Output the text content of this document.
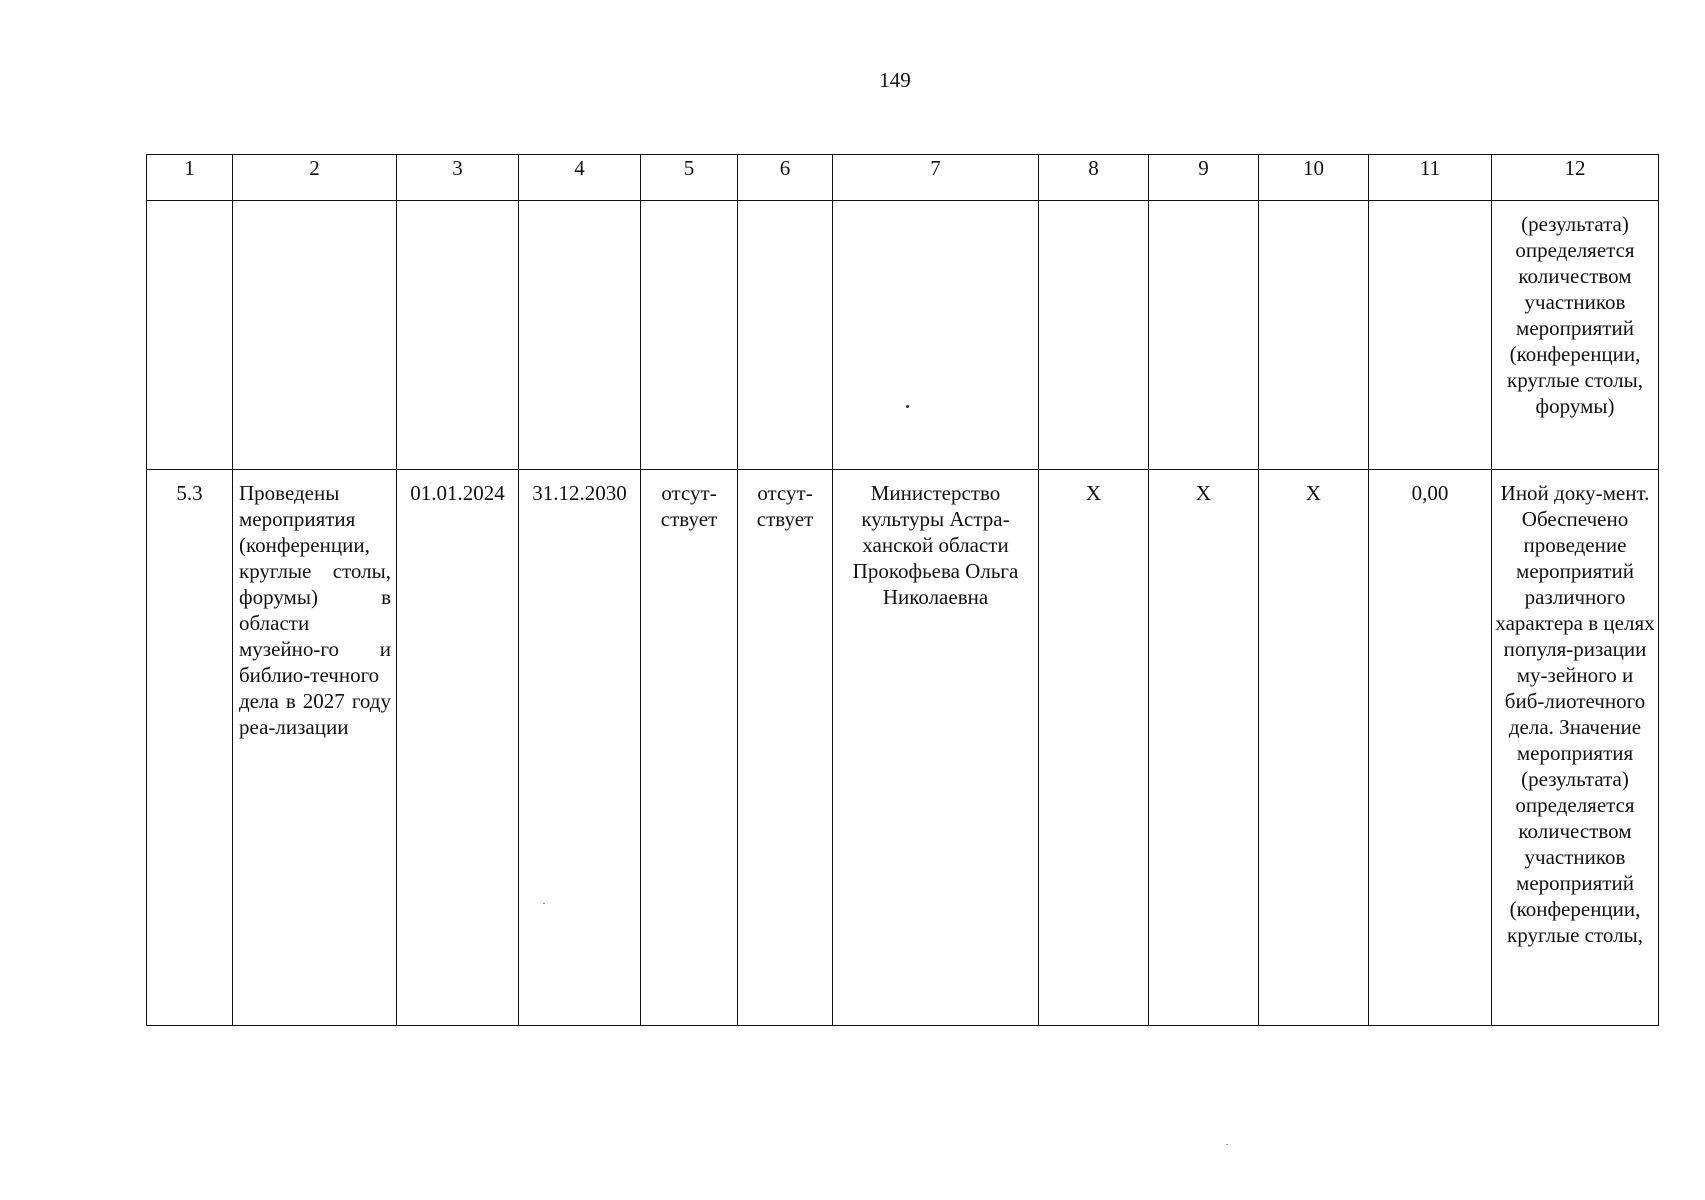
149
1	2	3	4	5	6	7	8	9	10	11	12
											(результата) определяется количеством участников мероприятий (конференции, круглые столы, форумы)
5.3	Проведены мероприятия (конференции, круглые столы, форумы) в области музейно-го и библио-течного дела в 2027 году реа-лизации	01.01.2024	31.12.2030	отсут-ствует	отсут-ствует	Министерство культуры Астра-ханской области Прокофьева Ольга Николаевна	X	X	X	0,00	Иной доку-мент. Обеспечено проведение мероприятий различного характера в целях популя-ризации му-зейного и биб-лиотечного дела. Значение мероприятия (результата) определяется количеством участников мероприятий (конференции, круглые столы,
